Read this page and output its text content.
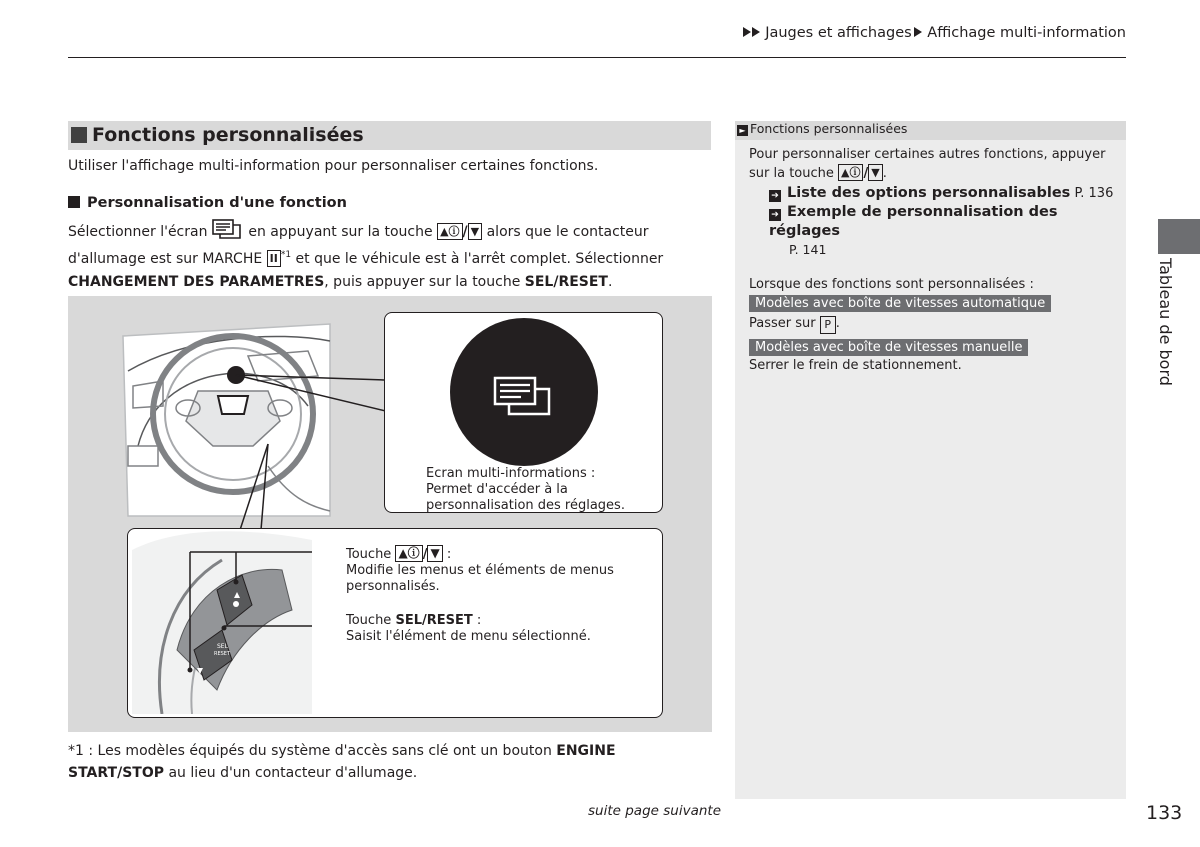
Jauges et affichages Affichage multi-information
Fonctions personnalisées
Utiliser l'affichage multi-information pour personnaliser certaines fonctions.
Personnalisation d'une fonction
Sélectionner l'écran	en appuyant sur la touche ▲ⓘ / ▼ alors que le contacteur d'allumage est sur MARCHE II $^{*1}$ et que le véhicule est à l'arrêt complet. Sélectionner CHANGEMENT DES PARAMETRES, puis appuyer sur la touche SEL/RESET.
Ecran multi-informations :
Permet d'accéder à la
personnalisation des réglages.
SEL
RESET
Touche ▲ⓘ / ▼ :
Modifie les menus et éléments de menus
personnalisés.
Touche SEL/RESET :
Saisit l'élément de menu sélectionné.
*1 : Les modèles équipés du système d'accès sans clé ont un bouton ENGINE START/STOP au lieu d'un contacteur d'allumage.
► Fonctions personnalisées
Pour personnaliser certaines autres fonctions, appuyer sur la touche ▲ⓘ / ▼ .
➔ Liste des options personnalisables P. 136
➔ Exemple de personnalisation des réglages
P. 141
Lorsque des fonctions sont personnalisées :
Modèles avec boîte de vitesses automatique
Passer sur P .
Modèles avec boîte de vitesses manuelle
Serrer le frein de stationnement.	Tableau de bord
suite page suivante	133
